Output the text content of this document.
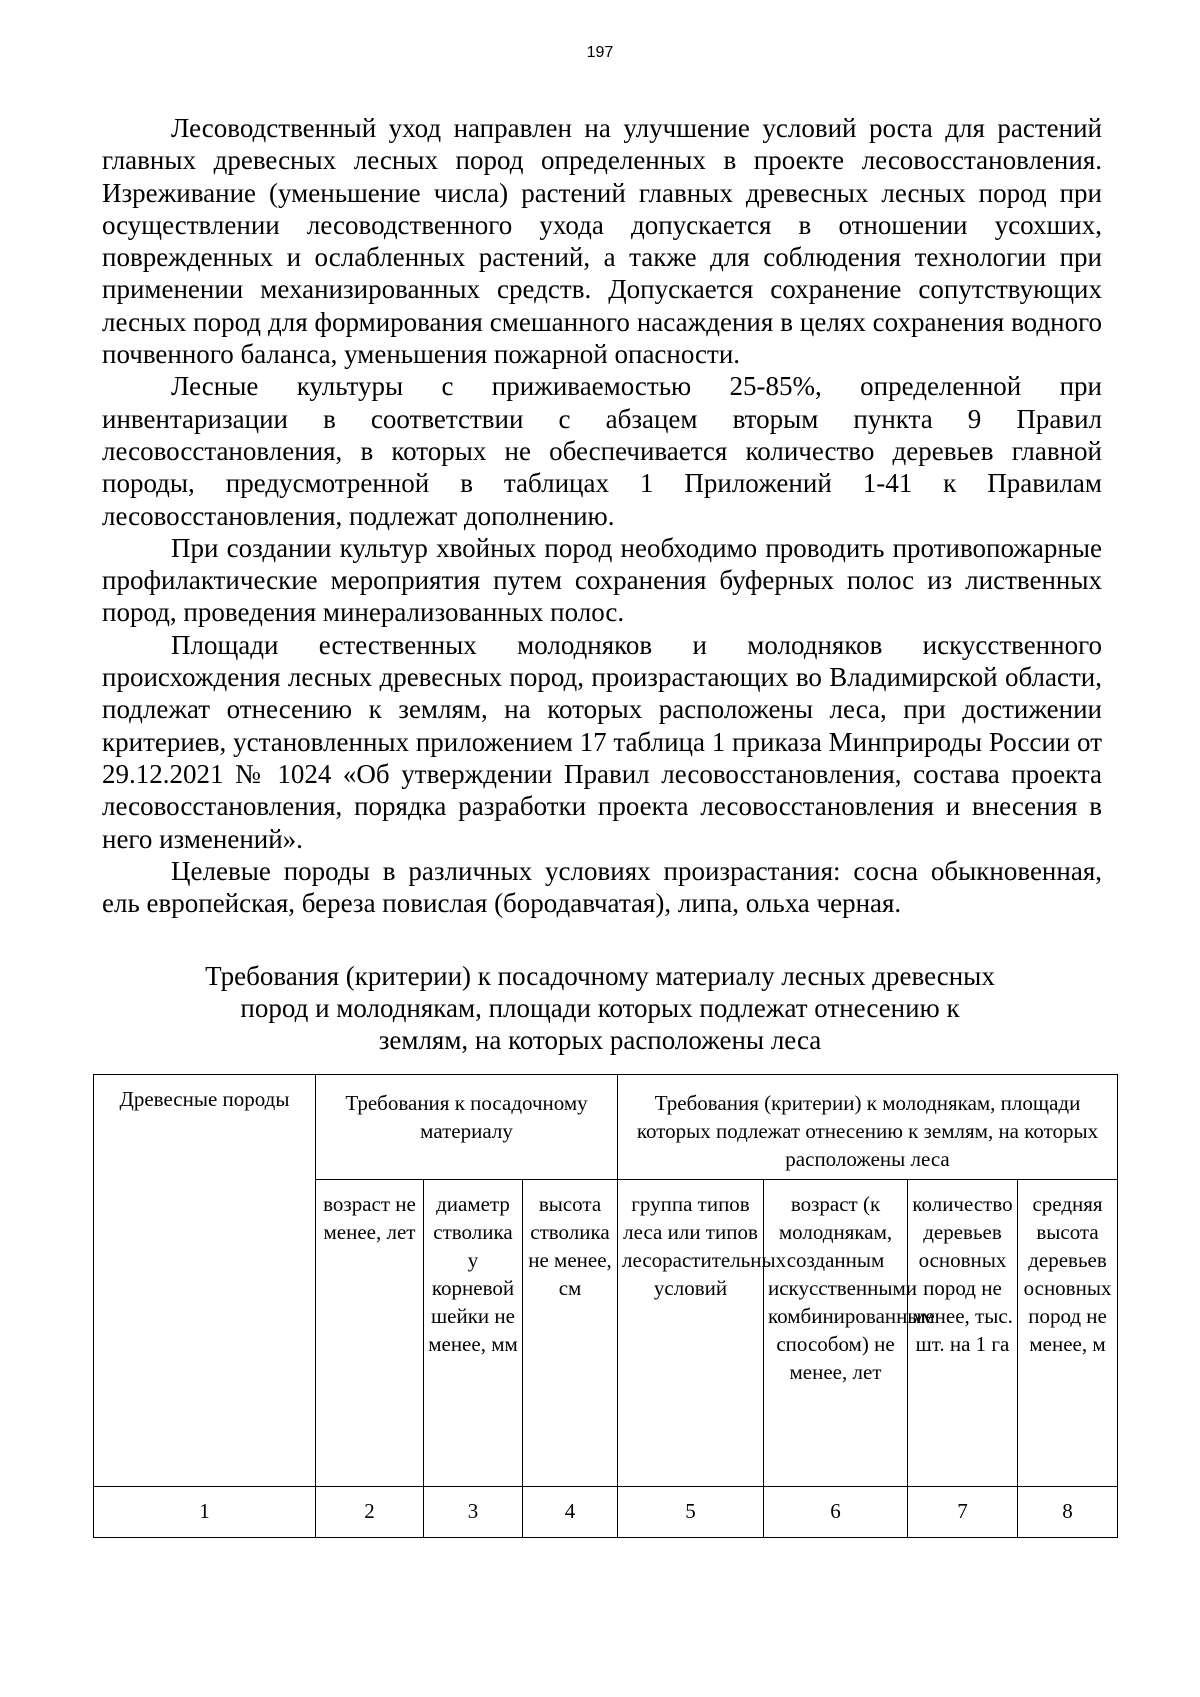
197

Лесоводственный уход направлен на улучшение условий роста для растений главных древесных лесных пород определенных в проекте лесовосстановления. Изреживание (уменьшение числа) растений главных древесных лесных пород при осуществлении лесоводственного ухода допускается в отношении усохших, поврежденных и ослабленных растений, а также для соблюдения технологии при применении механизированных средств. Допускается сохранение сопутствующих лесных пород для формирования смешанного насаждения в целях сохранения водного почвенного баланса, уменьшения пожарной опасности.

Лесные культуры с приживаемостью 25-85%, определенной при инвентаризации в соответствии с абзацем вторым пункта 9 Правил лесовосстановления, в которых не обеспечивается количество деревьев главной породы, предусмотренной в таблицах 1 Приложений 1-41 к Правилам лесовосстановления, подлежат дополнению.

При создании культур хвойных пород необходимо проводить противопожарные профилактические мероприятия путем сохранения буферных полос из лиственных пород, проведения минерализованных полос.

Площади естественных молодняков и молодняков искусственного происхождения лесных древесных пород, произрастающих во Владимирской области, подлежат отнесению к землям, на которых расположены леса, при достижении критериев, установленных приложением 17 таблица 1 приказа Минприроды России от 29.12.2021 № 1024 «Об утверждении Правил лесовосстановления, состава проекта лесовосстановления, порядка разработки проекта лесовосстановления и внесения в него изменений».

Целевые породы в различных условиях произрастания: сосна обыкновенная, ель европейская, береза повислая (бородавчатая), липа, ольха черная.

Требования (критерии) к посадочному материалу лесных древесных пород и молоднякам, площади которых подлежат отнесению к землям, на которых расположены леса
Древесные породы	Требования к посадочному материалу			Требования (критерии) к молоднякам, площади которых подлежат отнесению к землям, на которых расположены леса			
	возраст не менее, лет	диаметр стволика у корневой шейки не менее, мм	высота стволика не менее, см	группа типов леса или типов лесорастительных условий	возраст (к молоднякам, созданным искусственными комбинированным способом) не менее, лет	количество деревьев основных пород не менее, тыс. шт. на 1 га	средняя высота деревьев основных пород не менее, м
1	2	3	4	5	6	7	8
